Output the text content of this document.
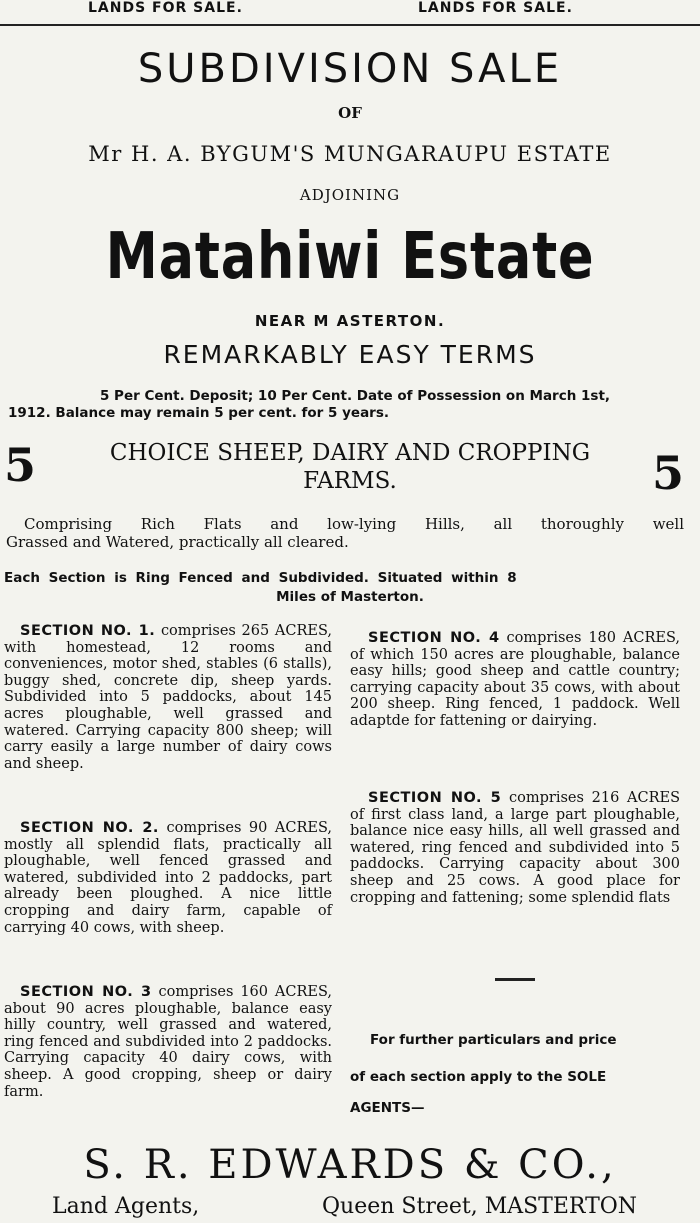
LANDS FOR SALE.	LANDS FOR SALE.
SUBDIVISION SALE
OF
Mr H. A. BYGUM'S MUNGARAUPU ESTATE
ADJOINING
Matahiwi Estate
NEAR M ASTERTON.
REMARKABLY EASY TERMS
5 Per Cent. Deposit; 10 Per Cent. Date of Possession on March 1st,
1912. Balance may remain 5 per cent. for 5 years.
5	5
CHOICE SHEEP, DAIRY AND CROPPING
FARMS.
Comprising Rich Flats and low-lying Hills, all thoroughly well
Grassed and Watered, practically all cleared.
Each Section is Ring Fenced and Subdivided. Situated within 8
Miles of Masterton.

SECTION NO. 1. comprises 265 ACRES, with homestead, 12 rooms and conveniences, motor shed, stables (6 stalls), buggy shed, concrete dip, sheep yards. Subdivided into 5 paddocks, about 145 acres ploughable, well grassed and watered. Carrying capacity 800 sheep; will carry easily a large number of dairy cows and sheep.

SECTION NO. 2. comprises 90 ACRES, mostly all splendid flats, practically all ploughable, well fenced grassed and watered, subdivided into 2 paddocks, part already been ploughed. A nice little cropping and dairy farm, capable of carrying 40 cows, with sheep.

SECTION NO. 3 comprises 160 ACRES, about 90 acres ploughable, balance easy hilly country, well grassed and watered, ring fenced and subdivided into 2 paddocks. Carrying capacity 40 dairy cows, with sheep. A good cropping, sheep or dairy farm.

SECTION NO. 4 comprises 180 ACRES, of which 150 acres are ploughable, balance easy hills; good sheep and cattle country; carrying capacity about 35 cows, with about 200 sheep. Ring fenced, 1 paddock. Well adaptde for fattening or dairying.

SECTION NO. 5 comprises 216 ACRES of first class land, a large part ploughable, balance nice easy hills, all well grassed and watered, ring fenced and subdivided into 5 paddocks. Carrying capacity about 300 sheep and 25 cows. A good place for cropping and fattening; some splendid flats

For further particulars and price
of each section apply to the SOLE
AGENTS—
S. R. EDWARDS & CO.,
Land Agents,	Queen Street, MASTERTON
